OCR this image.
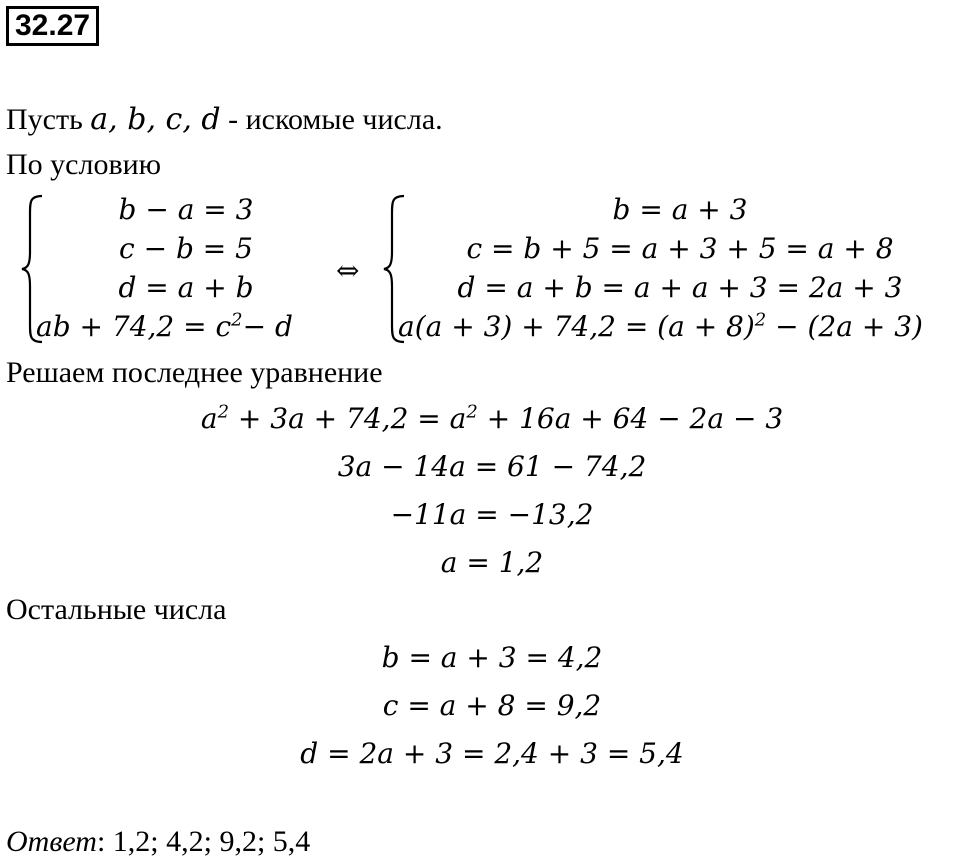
32.27
Пусть a, b, c, d - искомые числа.
По условию
b − a = 3
c − b = 5
d = a + b
ab + $74,2 = c^2- d$
⇔
b = a + 3
c = b + 5 = a + 3 + 5 = a + 8
d = a + b = a + a + 3 = 2a + 3
$a(a + 3) + 74,2 = (a + 8)^2 - (2a + 3)$
Решаем последнее уравнение
$a^2 + 3a + 74,2 = a^2 + 16a + 64 - 2a - 3$
3a − 14a = 61 − 74,2
−11a = −13,2
a = 1,2
Остальные числа
b = a + 3 = 4,2
c = a + 8 = 9,2
d = 2a + 3 = 2,4 + 3 = 5,4
Ответ: 1,2; 4,2; 9,2; 5,4
